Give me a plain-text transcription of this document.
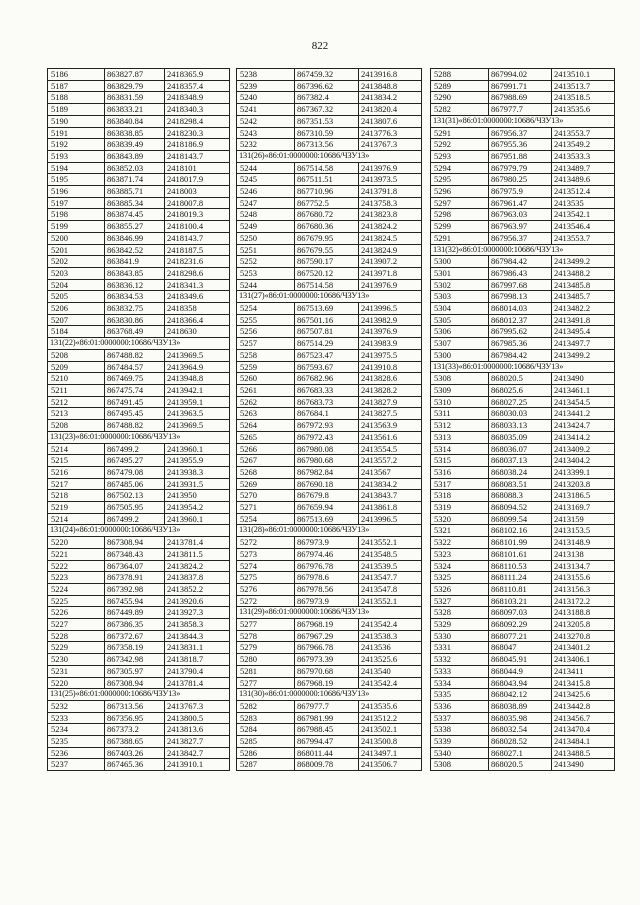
822
5186	863827.87	2418365.9
5187	863829.79	2418357.4
5188	863831.59	2418348.9
5189	863833.21	2418340.3
5190	863840.84	2418298.4
5191	863838.85	2418230.3
5192	863839.49	2418186.9
5193	863843.89	2418143.7
5194	863852.03	2418101
5195	863871.74	2418017.9
5196	863885.71	2418003
5197	863885.34	2418007.8
5198	863874.45	2418019.3
5199	863855.27	2418100.4
5200	863846.99	2418143.7
5201	863842.52	2418187.5
5202	863841.9	2418231.6
5203	863843.85	2418298.6
5204	863836.12	2418341.3
5205	863834.53	2418349.6
5206	863832.75	2418358
5207	863830.86	2418366.4
5184	863768.49	2418630
131(22)«86:01:0000000:10686/ЧЗУ13»		
5208	867488.82	2413969.5
5209	867484.57	2413964.9
5210	867469.75	2413948.8
5211	867475.74	2413942.1
5212	867491.45	2413959.1
5213	867495.45	2413963.5
5208	867488.82	2413969.5
131(23)«86:01:0000000:10686/ЧЗУ13»		
5214	867499.2	2413960.1
5215	867495.27	2413955.9
5216	867479.08	2413938.3
5217	867485.06	2413931.5
5218	867502.13	2413950
5219	867505.95	2413954.2
5214	867499.2	2413960.1
131(24)«86:01:0000000:10686/ЧЗУ13»		
5220	867308.94	2413781.4
5221	867348.43	2413811.5
5222	867364.07	2413824.2
5223	867378.91	2413837.8
5224	867392.98	2413852.2
5225	867455.94	2413920.6
5226	867449.89	2413927.3
5227	867386.35	2413858.3
5228	867372.67	2413844.3
5229	867358.19	2413831.1
5230	867342.98	2413818.7
5231	867305.97	2413790.4
5220	867308.94	2413781.4
131(25)«86:01:0000000:10686/ЧЗУ13»		
5232	867313.56	2413767.3
5233	867356.95	2413800.5
5234	867373.2	2413813.6
5235	867388.65	2413827.7
5236	867403.26	2413842.7
5237	867465.36	2413910.1
5238	867459.32	2413916.8
5239	867396.62	2413848.8
5240	867382.4	2413834.2
5241	867367.32	2413820.4
5242	867351.53	2413807.6
5243	867310.59	2413776.3
5232	867313.56	2413767.3
131(26)«86:01:0000000:10686/ЧЗУ13»		
5244	867514.58	2413976.9
5245	867511.51	2413973.5
5246	867710.96	2413791.8
5247	867752.5	2413758.3
5248	867680.72	2413823.8
5249	867680.36	2413824.2
5250	867679.95	2413824.5
5251	867679.55	2413824.9
5252	867590.17	2413907.2
5253	867520.12	2413971.8
5244	867514.58	2413976.9
131(27)«86:01:0000000:10686/ЧЗУ13»		
5254	867513.69	2413996.5
5255	867501.16	2413982.9
5256	867507.81	2413976.9
5257	867514.29	2413983.9
5258	867523.47	2413975.5
5259	867593.67	2413910.8
5260	867682.96	2413828.6
5261	867683.33	2413828.2
5262	867683.73	2413827.9
5263	867684.1	2413827.5
5264	867972.93	2413563.9
5265	867972.43	2413561.6
5266	867980.08	2413554.5
5267	867980.68	2413557.2
5268	867982.84	2413567
5269	867690.18	2413834.2
5270	867679.8	2413843.7
5271	867659.94	2413861.8
5254	867513.69	2413996.5
131(28)«86:01:0000000:10686/ЧЗУ13»		
5272	867973.9	2413552.1
5273	867974.46	2413548.5
5274	867976.78	2413539.5
5275	867978.6	2413547.7
5276	867978.56	2413547.8
5272	867973.9	2413552.1
131(29)«86:01:0000000:10686/ЧЗУ13»		
5277	867968.19	2413542.4
5278	867967.29	2413538.3
5279	867966.78	2413536
5280	867973.39	2413525.6
5281	867970.68	2413540
5277	867968.19	2413542.4
131(30)«86:01:0000000:10686/ЧЗУ13»		
5282	867977.7	2413535.6
5283	867981.99	2413512.2
5284	867988.45	2413502.1
5285	867994.47	2413500.8
5286	868011.44	2413497.1
5287	868009.78	2413506.7
5288	867994.02	2413510.1
5289	867991.71	2413513.7
5290	867988.69	2413518.5
5282	867977.7	2413535.6
131(31)«86:01:0000000:10686/ЧЗУ13»		
5291	867956.37	2413553.7
5292	867955.36	2413549.2
5293	867951.88	2413533.3
5294	867979.79	2413489.7
5295	867980.25	2413489.6
5296	867975.9	2413512.4
5297	867961.47	2413535
5298	867963.03	2413542.1
5299	867963.97	2413546.4
5291	867956.37	2413553.7
131(32)«86:01:0000000:10686/ЧЗУ13»		
5300	867984.42	2413499.2
5301	867986.43	2413488.2
5302	867997.68	2413485.8
5303	867998.13	2413485.7
5304	868014.03	2413482.2
5305	868012.37	2413491.8
5306	867995.62	2413495.4
5307	867985.36	2413497.7
5300	867984.42	2413499.2
131(33)«86:01:0000000:10686/ЧЗУ13»		
5308	868020.5	2413490
5309	868025.6	2413461.1
5310	868027.25	2413454.5
5311	868030.03	2413441.2
5312	868033.13	2413424.7
5313	868035.09	2413414.2
5314	868036.07	2413409.2
5315	868037.13	2413404.2
5316	868038.24	2413399.1
5317	868083.51	2413203.8
5318	868088.3	2413186.5
5319	868094.52	2413169.7
5320	868099.54	2413159
5321	868102.16	2413153.5
5322	868101.99	2413148.9
5323	868101.61	2413138
5324	868110.53	2413134.7
5325	868111.24	2413155.6
5326	868110.81	2413156.3
5327	868103.21	2413172.2
5328	868097.03	2413188.8
5329	868092.29	2413205.8
5330	868077.21	2413270.8
5331	868047	2413401.2
5332	868045.91	2413406.1
5333	868044.9	2413411
5334	868043.94	2413415.8
5335	868042.12	2413425.6
5336	868038.89	2413442.8
5337	868035.98	2413456.7
5338	868032.54	2413470.4
5339	868028.52	2413484.1
5340	868027.1	2413488.5
5308	868020.5	2413490
